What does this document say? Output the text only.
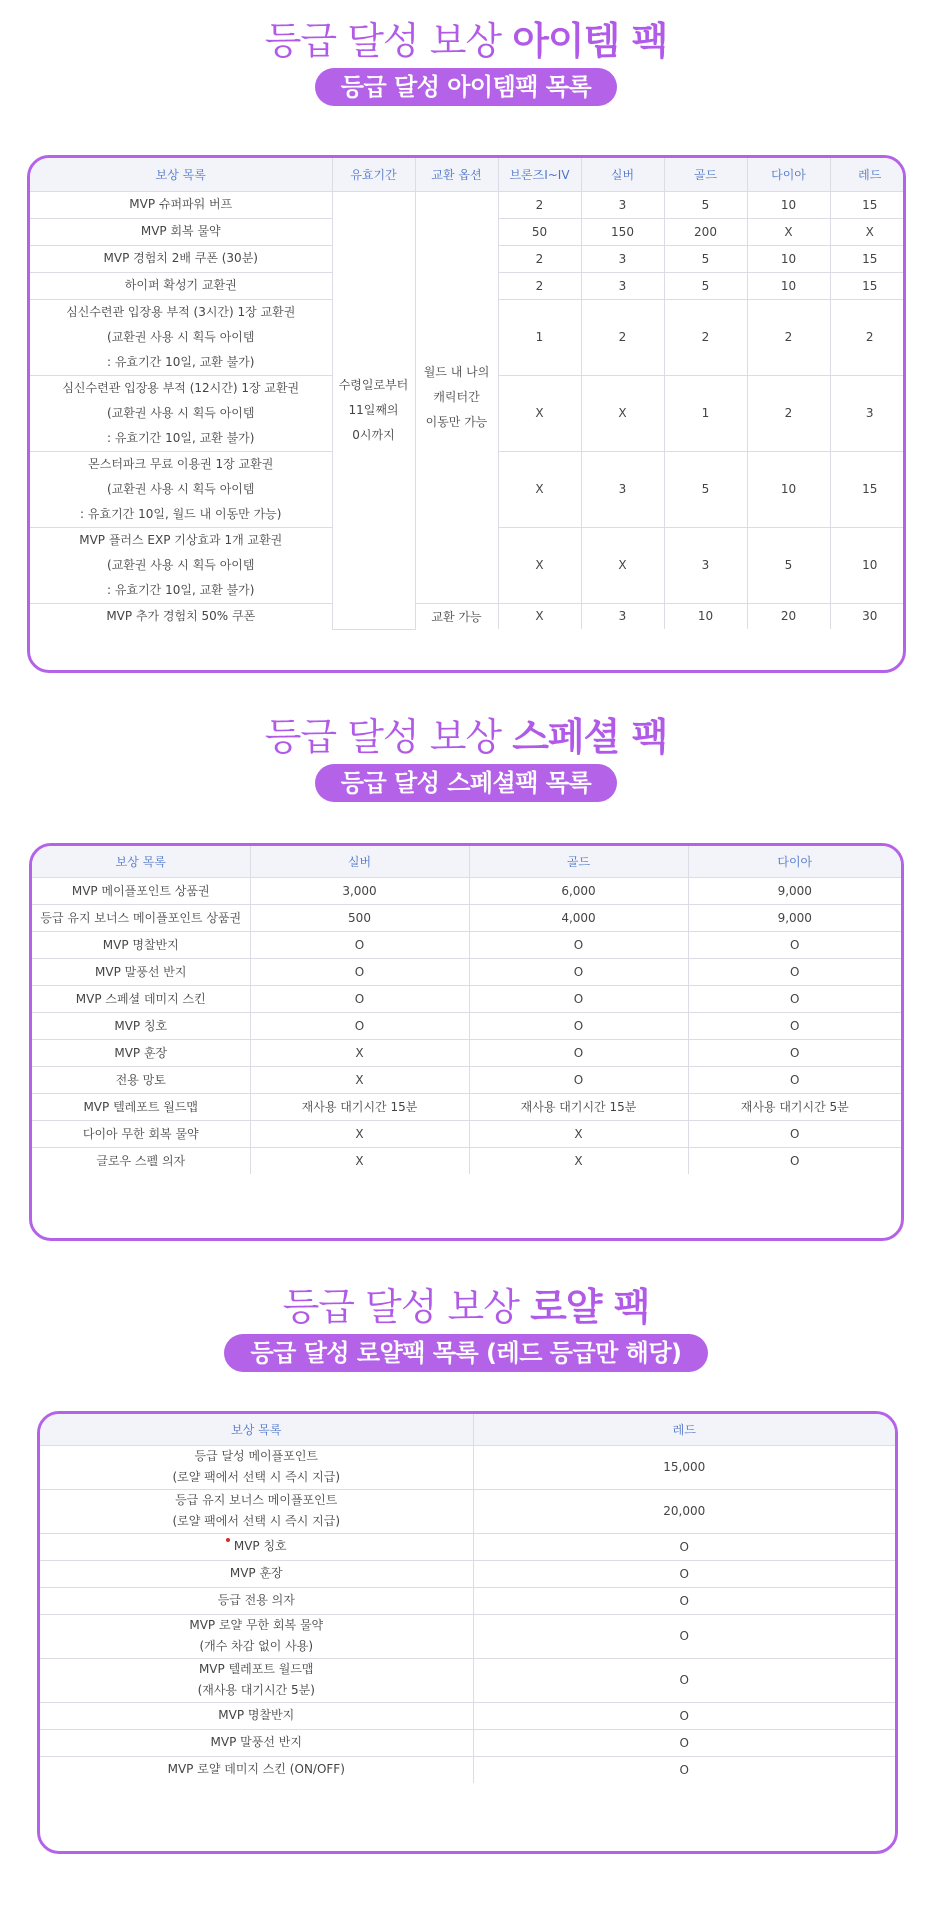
등급 달성 보상 아이템 팩
등급 달성 아이템팩 목록
보상 목록	유효기간	교환 옵션	브론즈I~IV	실버	골드	다이아	레드

MVP 슈퍼파워 버프	수령일로부터
11일째의
0시까지	월드 내 나의
캐릭터간
이동만 가능	2	3	5	10	15

MVP 회복 물약			50	150	200	X	X

MVP 경험치 2배 쿠폰 (30분)			2	3	5	10	15

하이퍼 확성기 교환권			2	3	5	10	15

심신수련관 입장용 부적 (3시간) 1장 교환권
(교환권 사용 시 획득 아이템
: 유효기간 10일, 교환 불가)			1	2	2	2	2

심신수련관 입장용 부적 (12시간) 1장 교환권
(교환권 사용 시 획득 아이템
: 유효기간 10일, 교환 불가)			X	X	1	2	3

몬스터파크 무료 이용권 1장 교환권
(교환권 사용 시 획득 아이템
: 유효기간 10일, 월드 내 이동만 가능)			X	3	5	10	15

MVP 플러스 EXP 기상효과 1개 교환권
(교환권 사용 시 획득 아이템
: 유효기간 10일, 교환 불가)			X	X	3	5	10

MVP 추가 경험치 50% 쿠폰		교환 가능	X	3	10	20	30
등급 달성 보상 스페셜 팩
등급 달성 스페셜팩 목록
보상 목록	실버	골드	다이아
MVP 메이플포인트 상품권	3,000	6,000	9,000
등급 유지 보너스 메이플포인트 상품권	500	4,000	9,000
MVP 명찰반지	O	O	O
MVP 말풍선 반지	O	O	O
MVP 스페셜 데미지 스킨	O	O	O
MVP 칭호	O	O	O
MVP 훈장	X	O	O
전용 망토	X	O	O
MVP 텔레포트 월드맵	재사용 대기시간 15분	재사용 대기시간 15분	재사용 대기시간 5분
다이아 무한 회복 물약	X	X	O
글로우 스펠 의자	X	X	O
등급 달성 보상 로얄 팩
등급 달성 로얄팩 목록 (레드 등급만 해당)
보상 목록	레드

등급 달성 메이플포인트
(로얄 팩에서 선택 시 즉시 지급)	15,000

등급 유지 보너스 메이플포인트
(로얄 팩에서 선택 시 즉시 지급)	20,000

MVP 칭호	O

MVP 훈장	O

등급 전용 의자	O

MVP 로얄 무한 회복 물약
(개수 차감 없이 사용)	O

MVP 텔레포트 월드맵
(재사용 대기시간 5분)	O

MVP 명찰반지	O

MVP 말풍선 반지	O

MVP 로얄 데미지 스킨 (ON/OFF)	O
